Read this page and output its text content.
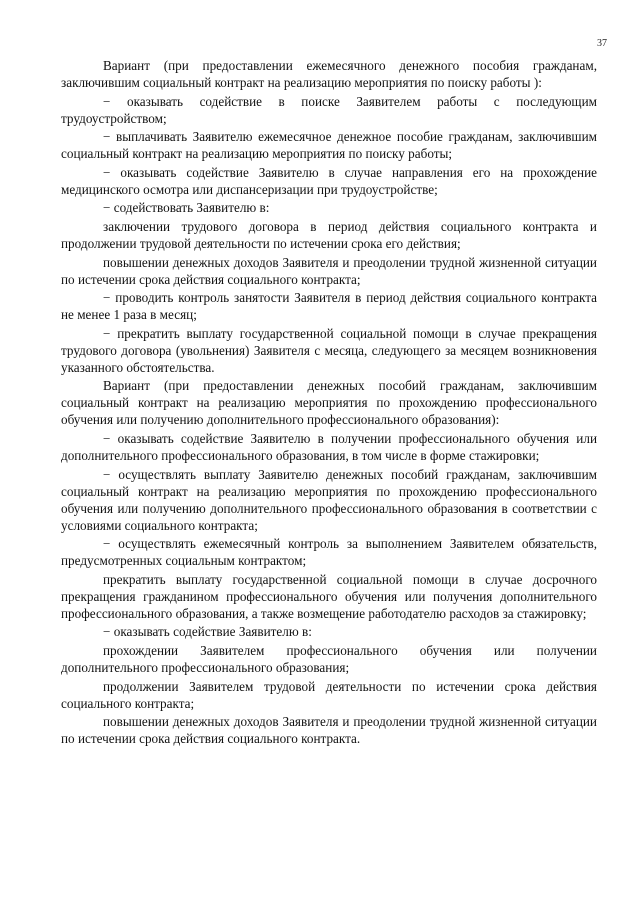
37

Вариант (при предоставлении ежемесячного денежного пособия гражданам, заключившим социальный контракт на реализацию мероприятия по поиску работы ):

− оказывать содействие в поиске Заявителем работы с последующим трудоустройством;

− выплачивать Заявителю ежемесячное денежное пособие гражданам, заключившим социальный контракт на реализацию мероприятия по поиску работы;

− оказывать содействие Заявителю в случае направления его на прохождение медицинского осмотра или диспансеризации при трудоустройстве;

− содействовать Заявителю в:

заключении трудового договора в период действия социального контракта и продолжении трудовой деятельности по истечении срока его действия;

повышении денежных доходов Заявителя и преодолении трудной жизненной ситуации по истечении срока действия социального контракта;

− проводить контроль занятости Заявителя в период действия социального контракта не менее 1 раза в месяц;

− прекратить выплату государственной социальной помощи в случае прекращения трудового договора (увольнения) Заявителя с месяца, следующего за месяцем возникновения указанного обстоятельства.

Вариант (при предоставлении денежных пособий гражданам, заключившим социальный контракт на реализацию мероприятия по прохождению профессионального обучения или получению дополнительного профессионального образования):

− оказывать содействие Заявителю в получении профессионального обучения или дополнительного профессионального образования, в том числе в форме стажировки;

− осуществлять выплату Заявителю денежных пособий гражданам, заключившим социальный контракт на реализацию мероприятия по прохождению профессионального обучения или получению дополнительного профессионального образования в соответствии с условиями социального контракта;

− осуществлять ежемесячный контроль за выполнением Заявителем обязательств, предусмотренных социальным контрактом;

прекратить выплату государственной социальной помощи в случае досрочного прекращения гражданином профессионального обучения или получения дополнительного профессионального образования, а также возмещение работодателю расходов за стажировку;

− оказывать содействие Заявителю в:

прохождении Заявителем профессионального обучения или получении дополнительного профессионального образования;

продолжении Заявителем трудовой деятельности по истечении срока действия социального контракта;

повышении денежных доходов Заявителя и преодолении трудной жизненной ситуации по истечении срока действия социального контракта.
